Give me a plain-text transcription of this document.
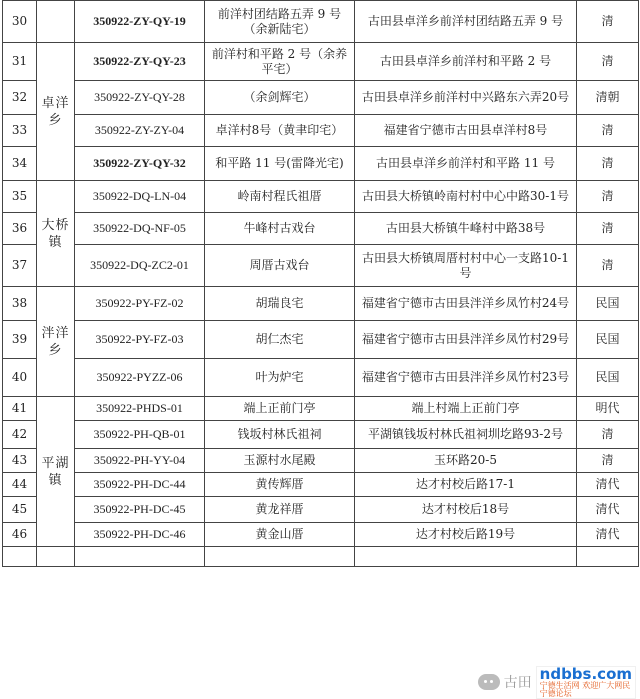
30		350922-ZY-QY-19	前洋村团结路五弄 9 号（余新陆宅）	古田县卓洋乡前洋村团结路五弄 9 号	清
31	卓洋乡	350922-ZY-QY-23	前洋村和平路 2 号（余养平宅）	古田县卓洋乡前洋村和平路 2 号	清
32		350922-ZY-QY-28	（余剑辉宅）	古田县卓洋乡前洋村中兴路东六弄20号	清朝
33		350922-ZY-ZY-04	卓洋村8号（黄聿印宅）	福建省宁德市古田县卓洋村8号	清
34		350922-ZY-QY-32	和平路 11 号(雷降光宅)	古田县卓洋乡前洋村和平路 11 号	清
35	大桥镇	350922-DQ-LN-04	岭南村程氏祖厝	古田县大桥镇岭南村村中心中路30-1号	清
36		350922-DQ-NF-05	牛峰村古戏台	古田县大桥镇牛峰村中路38号	清
37		350922-DQ-ZC2-01	周厝古戏台	古田县大桥镇周厝村村中心一支路10-1号	清
38	泮洋乡	350922-PY-FZ-02	胡瑞良宅	福建省宁德市古田县泮洋乡凤竹村24号	民国
39		350922-PY-FZ-03	胡仁杰宅	福建省宁德市古田县泮洋乡凤竹村29号	民国
40		350922-PYZZ-06	叶为炉宅	福建省宁德市古田县泮洋乡凤竹村23号	民国
41	平湖镇	350922-PHDS-01	端上正前门亭	端上村端上正前门亭	明代
42		350922-PH-QB-01	钱坂村林氏祖祠	平湖镇钱坂村林氏祖祠圳圪路93-2号	清
43		350922-PH-YY-04	玉源村水尾殿	玉环路20-5	清
44		350922-PH-DC-44	黄传辉厝	达才村校后路17-1	清代
45		350922-PH-DC-45	黄龙祥厝	达才村校后18号	清代
46		350922-PH-DC-46	黄金山厝	达才村校后路19号	清代

古田
ndbbs.com
宁德生活网 欢迎广大网民
宁德论坛
